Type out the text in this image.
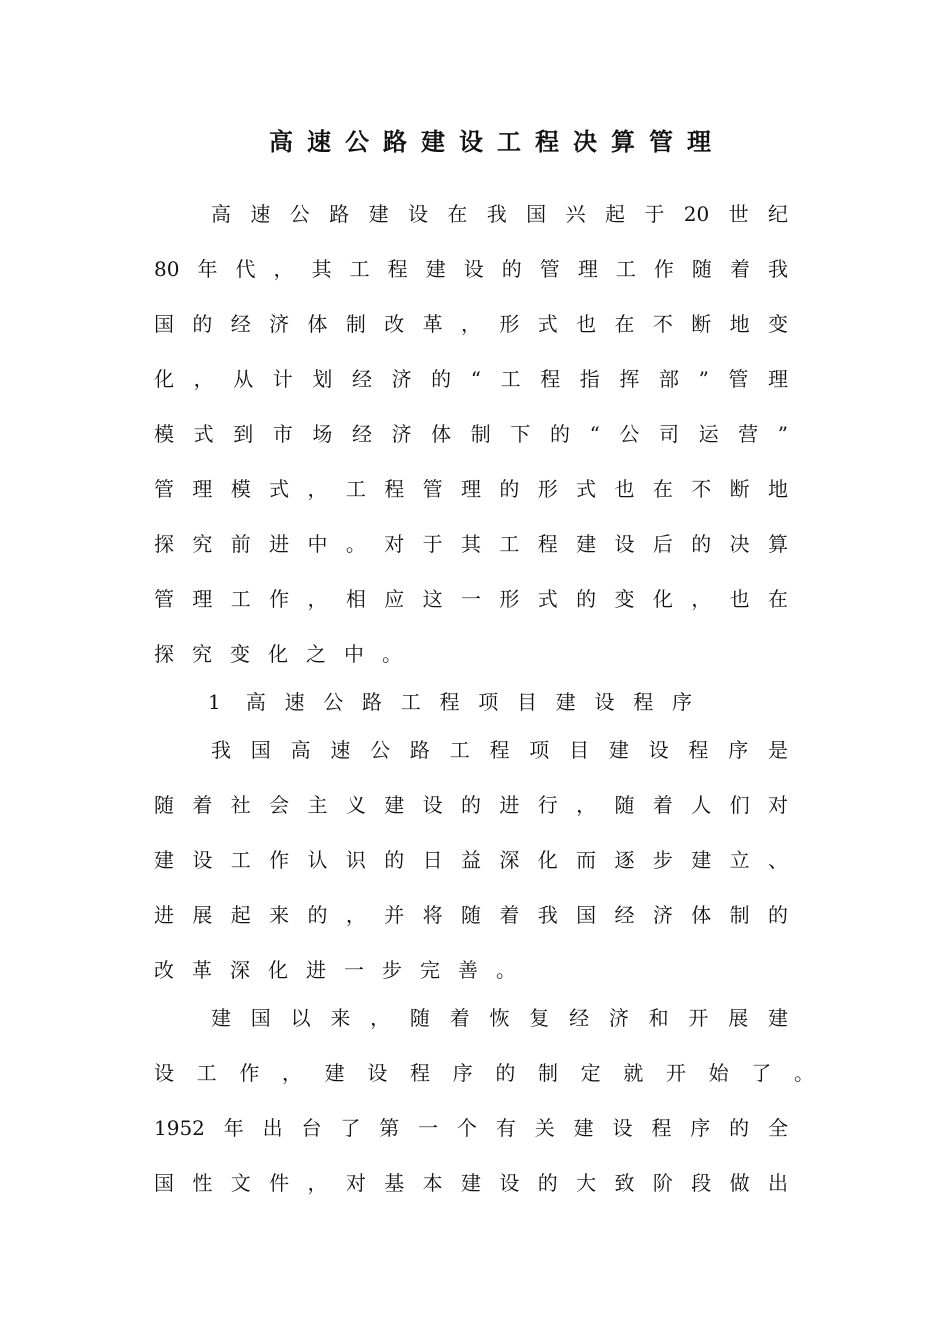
高速公路建设工程决算管理
高速公路建设在我国兴起于20世纪
80年代，其工程建设的管理工作随着我
国的经济体制改革，形式也在不断地变
化，从计划经济的“工程指挥部”管理
模式到市场经济体制下的“公司运营”
管理模式，工程管理的形式也在不断地
探究前进中。对于其工程建设后的决算
管理工作，相应这一形式的变化，也在
探究变化之中。
1 高速公路工程项目建设程序
我国高速公路工程项目建设程序是
随着社会主义建设的进行，随着人们对
建设工作认识的日益深化而逐步建立、
进展起来的，并将随着我国经济体制的
改革深化进一步完善。
建国以来，随着恢复经济和开展建
设工作，建设程序的制定就开始了。
1952年出台了第一个有关建设程序的全
国性文件，对基本建设的大致阶段做出
